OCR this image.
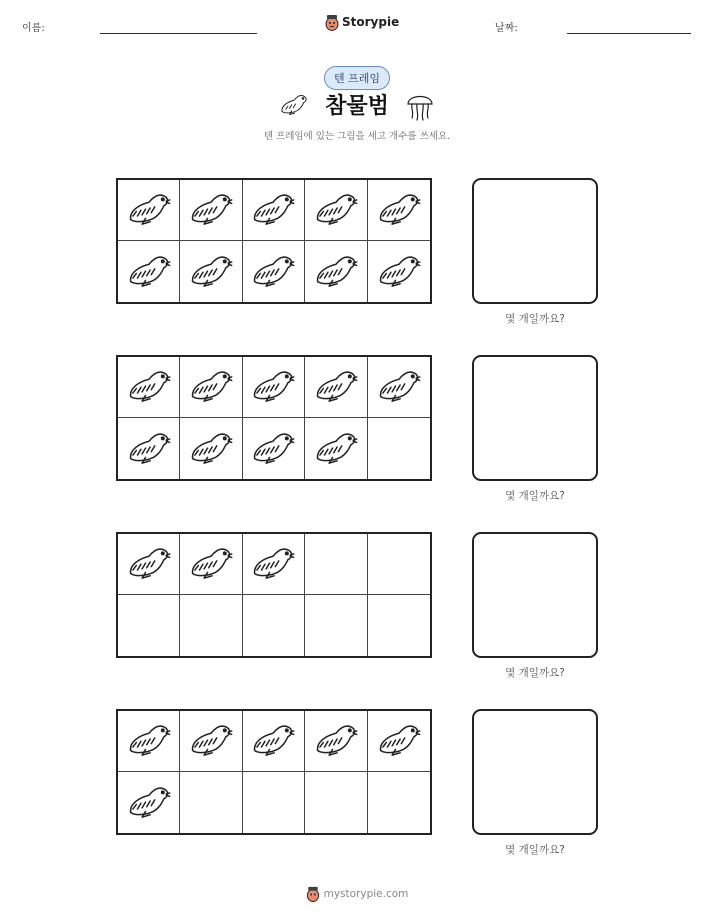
이름:	Storypie	날짜:
텐 프레임
참물범
텐 프레임에 있는 그림을 세고 개수를 쓰세요.
몇 개일까요?
몇 개일까요?
몇 개일까요?
몇 개일까요?
mystorypie.com
